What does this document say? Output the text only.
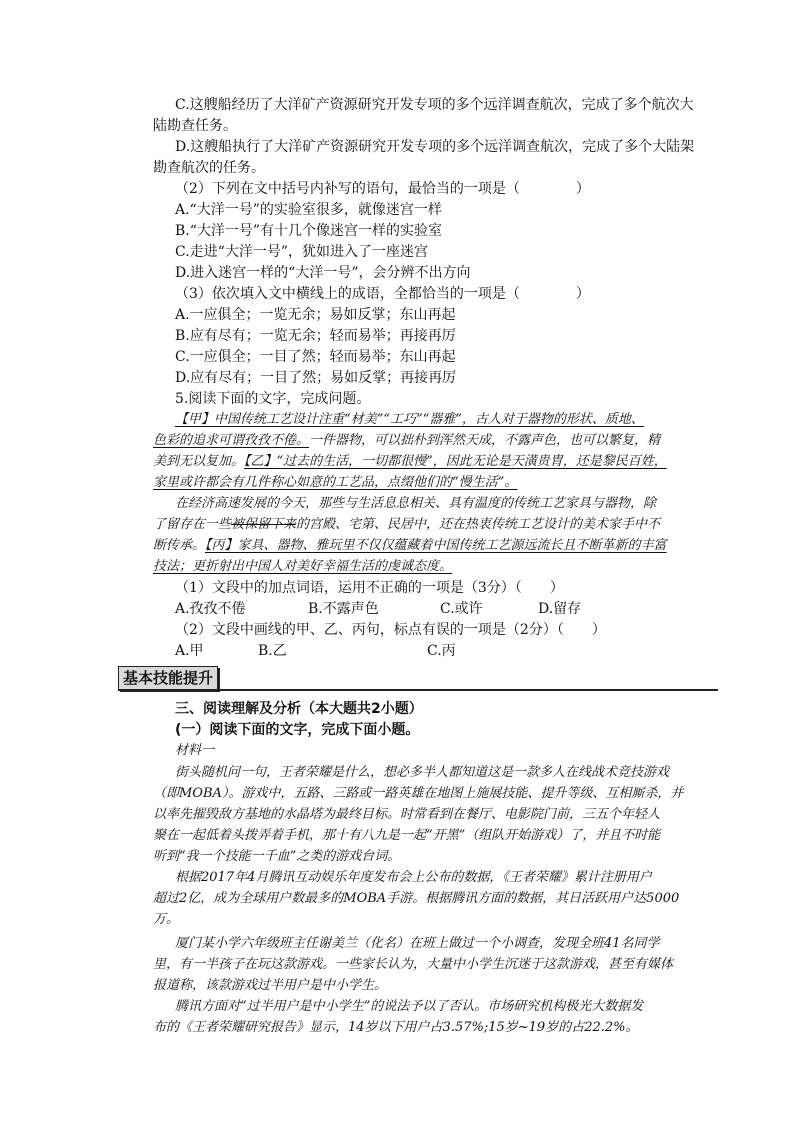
C.这艘船经历了大洋矿产资源研究开发专项的多个远洋调查航次，完成了多个航次大
陆勘查任务。
D.这艘船执行了大洋矿产资源研究开发专项的多个远洋调查航次，完成了多个大陆架
勘查航次的任务。
（2）下列在文中括号内补写的语句，最恰当的一项是（　　　　）
A.“大洋一号”的实验室很多，就像迷宫一样
B.“大洋一号”有十几个像迷宫一样的实验室
C.走进“大洋一号”，犹如进入了一座迷宫
D.进入迷宫一样的“大洋一号”，会分辨不出方向
（3）依次填入文中横线上的成语，全都恰当的一项是（　　　　）
A.一应俱全；一览无余；易如反掌；东山再起
B.应有尽有；一览无余；轻而易举；再接再厉
C.一应俱全；一目了然；轻而易举；东山再起
D.应有尽有；一目了然；易如反掌；再接再厉
5.阅读下面的文字，完成问题。
【甲】中国传统工艺设计注重“材美”“工巧”“器雅”，古人对于器物的形状、质地、
色彩的追求可谓孜孜不倦。一件器物，可以拙朴到浑然天成，不露声色，也可以繁复，精
美到无以复加。【乙】“过去的生活，一切都很慢”，因此无论是天潢贵胄，还是黎民百姓，
家里或许都会有几件称心如意的工艺品，点缀他们的“慢生活”。
在经济高速发展的今天，那些与生活息息相关、具有温度的传统工艺家具与器物，除
了留存在一些被保留下来的宫殿、宅第、民居中，还在热衷传统工艺设计的美术家手中不
断传承。【丙】家具、器物、雅玩里不仅仅蕴藏着中国传统工艺源远流长且不断革新的丰富
技法；更折射出中国人对美好幸福生活的虔诚态度。
（1）文段中的加点词语，运用不正确的一项是（3分）（　　）
A.孜孜不倦	B.不露声色	C.或许	D.留存
（2）文段中画线的甲、乙、丙句，标点有误的一项是（2分）（　　）
A.甲	B.乙	C.丙
基本技能提升
三、阅读理解及分析（本大题共2小题）
(一）阅读下面的文字，完成下面小题。
材料一
街头随机问一句，王者荣耀是什么，想必多半人都知道这是一款多人在线战术竞技游戏
（即MOBA）。游戏中，五路、三路或一路英雄在地图上施展技能、提升等级、互相厮杀，并
以率先摧毁敌方基地的水晶塔为最终目标。时常看到在餐厅、电影院门前，三五个年轻人
聚在一起低着头拨弄着手机，那十有八九是一起“开黑”（组队开始游戏）了，并且不时能
听到“我一个技能一千血”之类的游戏台词。
根据2017年4月腾讯互动娱乐年度发布会上公布的数据，《王者荣耀》累计注册用户
超过2亿，成为全球用户数最多的MOBA手游。根据腾讯方面的数据，其日活跃用户达5000
万。
厦门某小学六年级班主任谢美兰（化名）在班上做过一个小调查，发现全班41名同学
里，有一半孩子在玩这款游戏。一些家长认为，大量中小学生沉迷于这款游戏，甚至有媒体
报道称，该款游戏过半用户是中小学生。
腾讯方面对“过半用户是中小学生”的说法予以了否认。市场研究机构极光大数据发
布的《王者荣耀研究报告》显示，14岁以下用户占3.57%;15岁~19岁的占22.2%。
